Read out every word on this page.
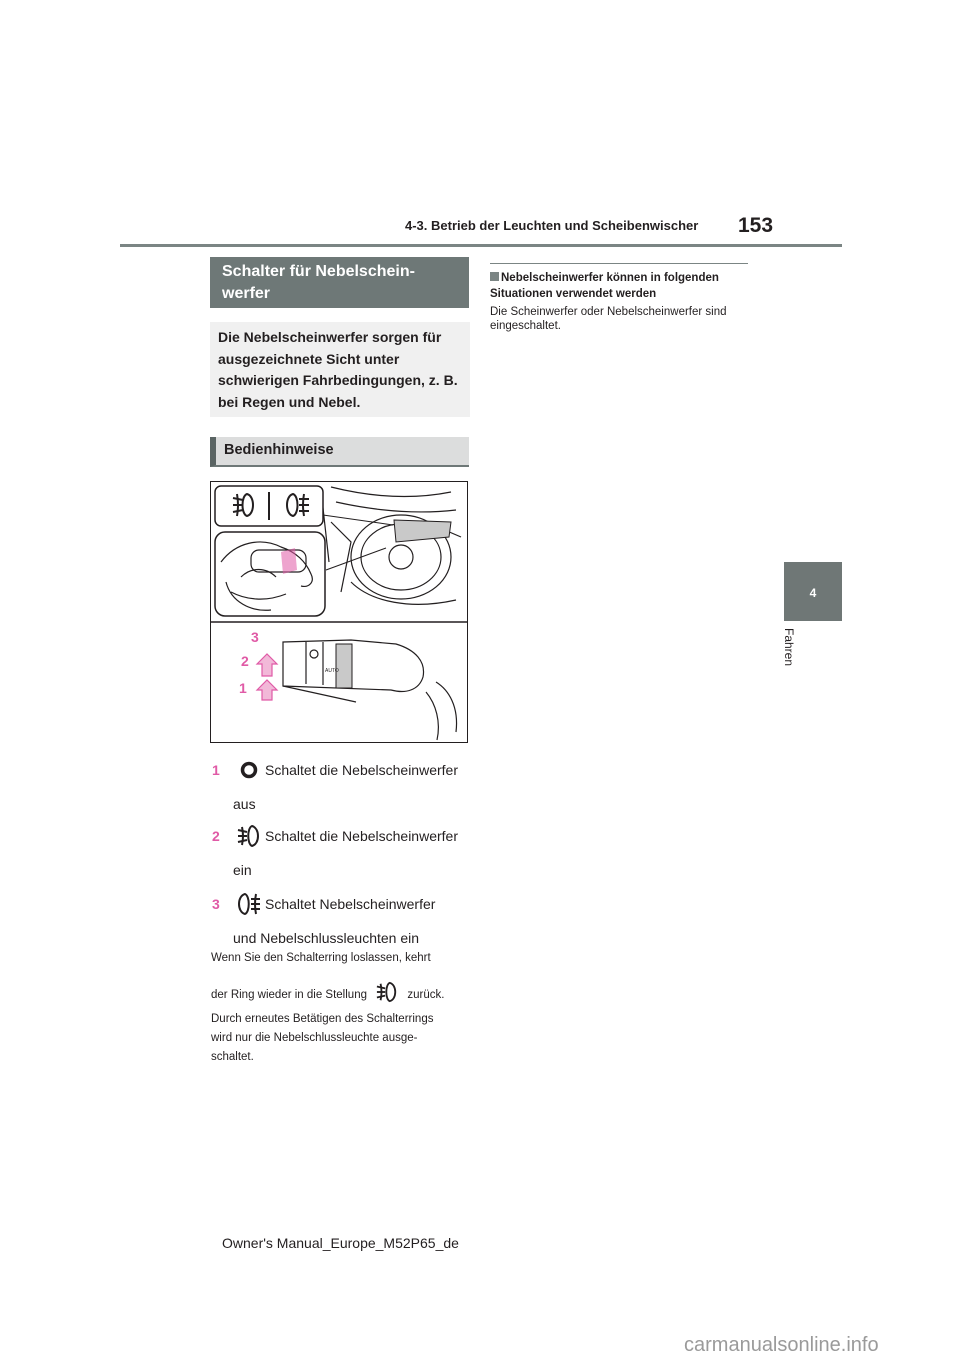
4-3. Betrieb der Leuchten und Scheibenwischer 153
4
Fahren
Schalter für Nebelschein-werfer
Die Nebelscheinwerfer sorgen für ausgezeichnete Sicht unter schwierigen Fahrbedingungen, z. B. bei Regen und Nebel.
Bedienhinweise
AUTO
3
2
1
1	Schaltet die Nebelscheinwerfer
aus
2	Schaltet die Nebelscheinwerfer
ein
3	Schaltet Nebelscheinwerfer
und Nebelschlussleuchten ein
Wenn Sie den Schalterring loslassen, kehrt
der Ring wieder in die Stellung	zurück.
Durch erneutes Betätigen des Schalterrings
wird nur die Nebelschlussleuchte ausge-
schaltet.
Nebelscheinwerfer können in folgenden Situationen verwendet werden
Die Scheinwerfer oder Nebelscheinwerfer sind eingeschaltet.
Owner's Manual_Europe_M52P65_de
carmanualsonline.info
